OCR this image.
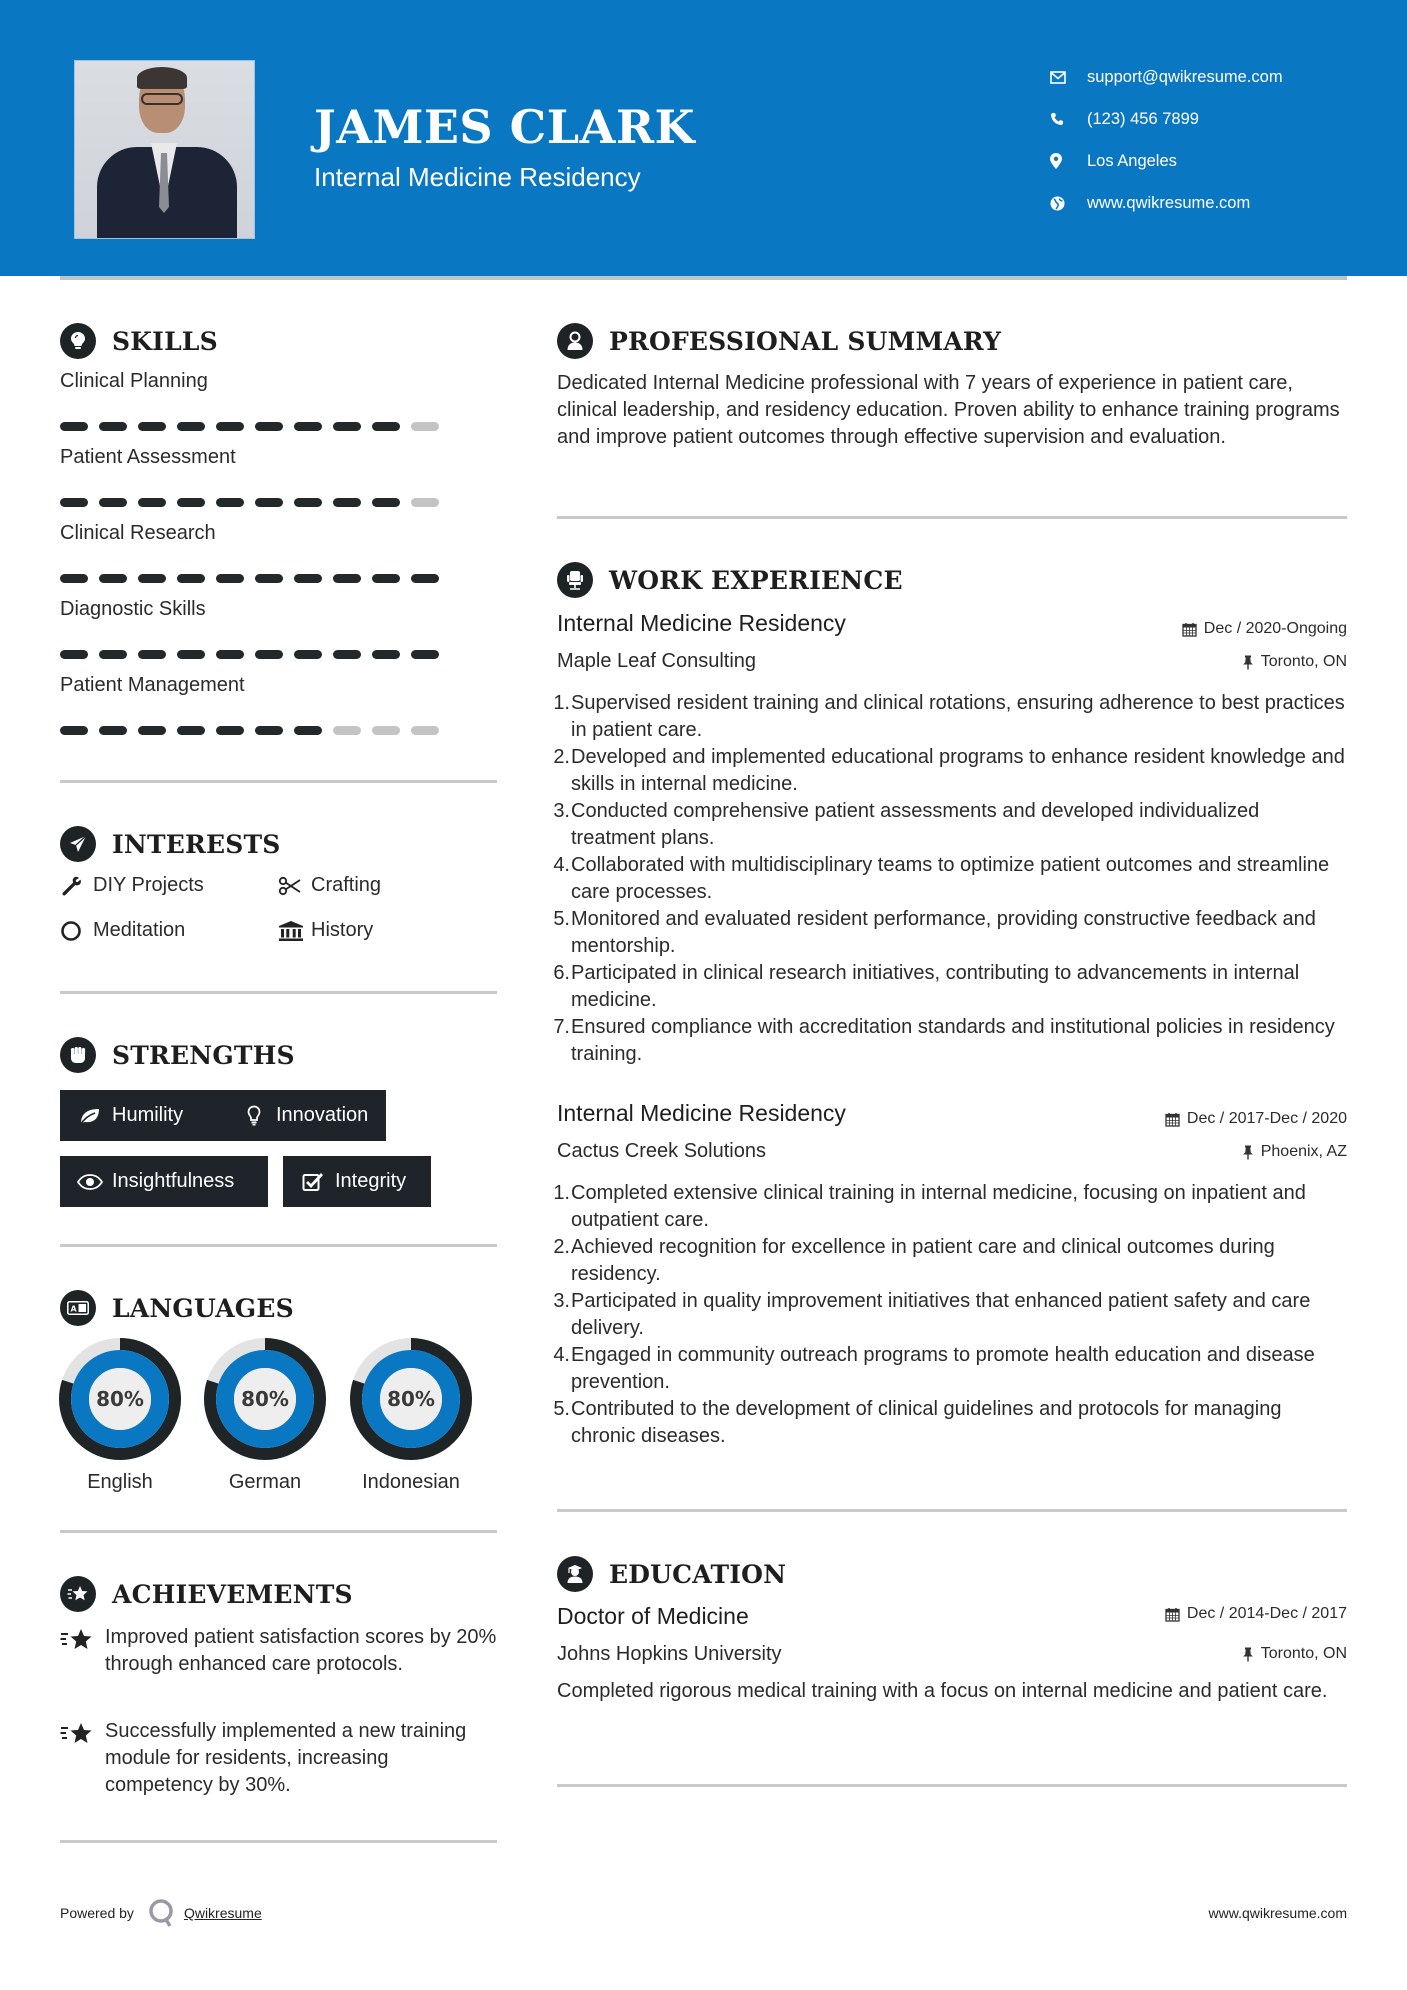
JAMES CLARK
Internal Medicine Residency
support@qwikresume.com
(123) 456 7899
Los Angeles
www.qwikresume.com
SKILLS
Clinical Planning
Patient Assessment
Clinical Research
Diagnostic Skills
Patient Management
INTERESTS
DIY Projects	Crafting
Meditation	History
STRENGTHS
Humility	Innovation
Insightfulness	Integrity
A LANGUAGES
80%
English
80%
German
80%
Indonesian
ACHIEVEMENTS
Improved patient satisfaction scores by 20% through enhanced care protocols.
Successfully implemented a new training module for residents, increasing competency by 30%.
PROFESSIONAL SUMMARY
Dedicated Internal Medicine professional with 7 years of experience in patient care, clinical leadership, and residency education. Proven ability to enhance training programs and improve patient outcomes through effective supervision and evaluation.
WORK EXPERIENCE
Internal Medicine Residency	Dec / 2020-Ongoing
Maple Leaf Consulting	Toronto, ON
1. Supervised resident training and clinical rotations, ensuring adherence to best practices in patient care.
2. Developed and implemented educational programs to enhance resident knowledge and skills in internal medicine.
3. Conducted comprehensive patient assessments and developed individualized treatment plans.
4. Collaborated with multidisciplinary teams to optimize patient outcomes and streamline care processes.
5. Monitored and evaluated resident performance, providing constructive feedback and mentorship.
6. Participated in clinical research initiatives, contributing to advancements in internal medicine.
7. Ensured compliance with accreditation standards and institutional policies in residency training.
Internal Medicine Residency	Dec / 2017-Dec / 2020
Cactus Creek Solutions	Phoenix, AZ
1. Completed extensive clinical training in internal medicine, focusing on inpatient and outpatient care.
2. Achieved recognition for excellence in patient care and clinical outcomes during residency.
3. Participated in quality improvement initiatives that enhanced patient safety and care delivery.
4. Engaged in community outreach programs to promote health education and disease prevention.
5. Contributed to the development of clinical guidelines and protocols for managing chronic diseases.
EDUCATION
Doctor of Medicine	Dec / 2014-Dec / 2017
Johns Hopkins University	Toronto, ON
Completed rigorous medical training with a focus on internal medicine and patient care.
Powered by	Qwikresume	www.qwikresume.com
